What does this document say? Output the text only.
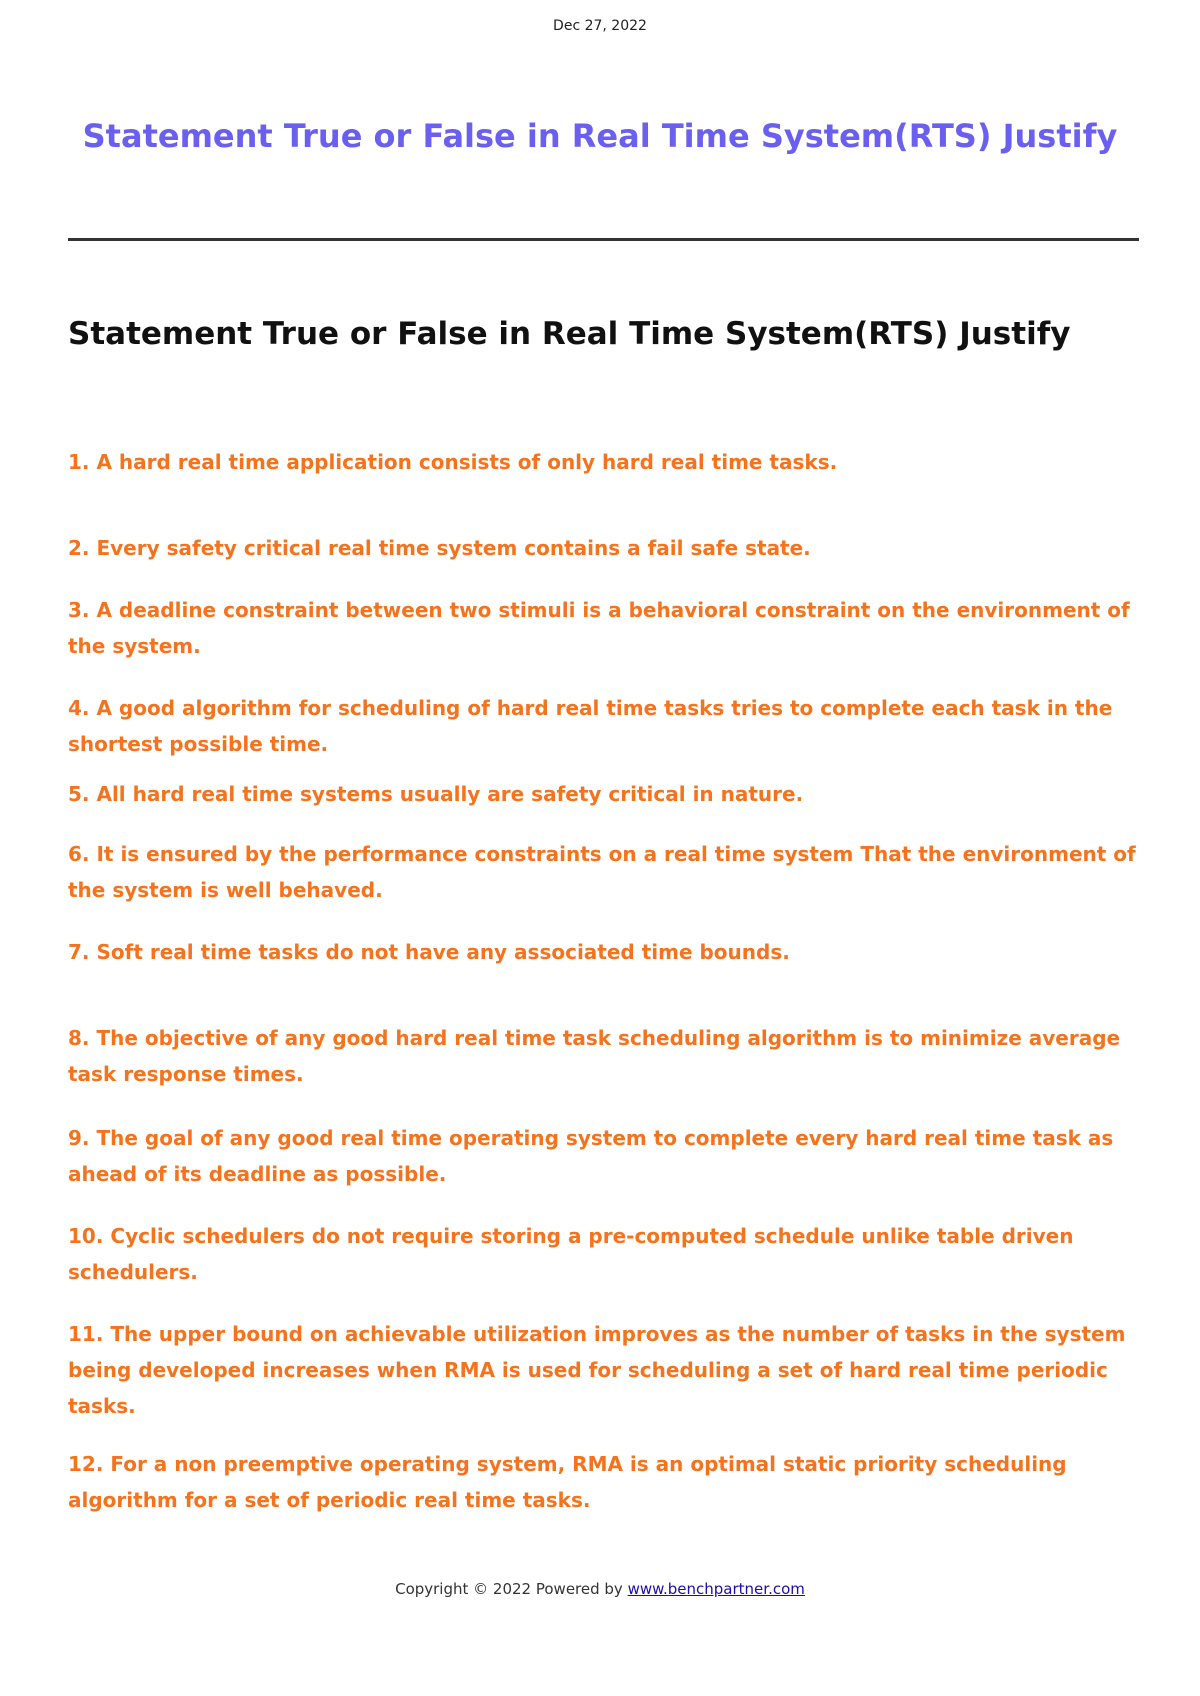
Dec 27, 2022
Statement True or False in Real Time System(RTS) Justify
Statement True or False in Real Time System(RTS) Justify

1. A hard real time application consists of only hard real time tasks.

2. Every safety critical real time system contains a fail safe state.

3. A deadline constraint between two stimuli is a behavioral constraint on the environment of the system.

4. A good algorithm for scheduling of hard real time tasks tries to complete each task in the shortest possible time.

5. All hard real time systems usually are safety critical in nature.

6. It is ensured by the performance constraints on a real time system That the environment of the system is well behaved.

7. Soft real time tasks do not have any associated time bounds.

8. The objective of any good hard real time task scheduling algorithm is to minimize average task response times.

9. The goal of any good real time operating system to complete every hard real time task as ahead of its deadline as possible.

10. Cyclic schedulers do not require storing a pre-computed schedule unlike table driven schedulers.

11. The upper bound on achievable utilization improves as the number of tasks in the system being developed increases when RMA is used for scheduling a set of hard real time periodic tasks.

12. For a non preemptive operating system, RMA is an optimal static priority scheduling algorithm for a set of periodic real time tasks.

Copyright © 2022 Powered by www.benchpartner.com
